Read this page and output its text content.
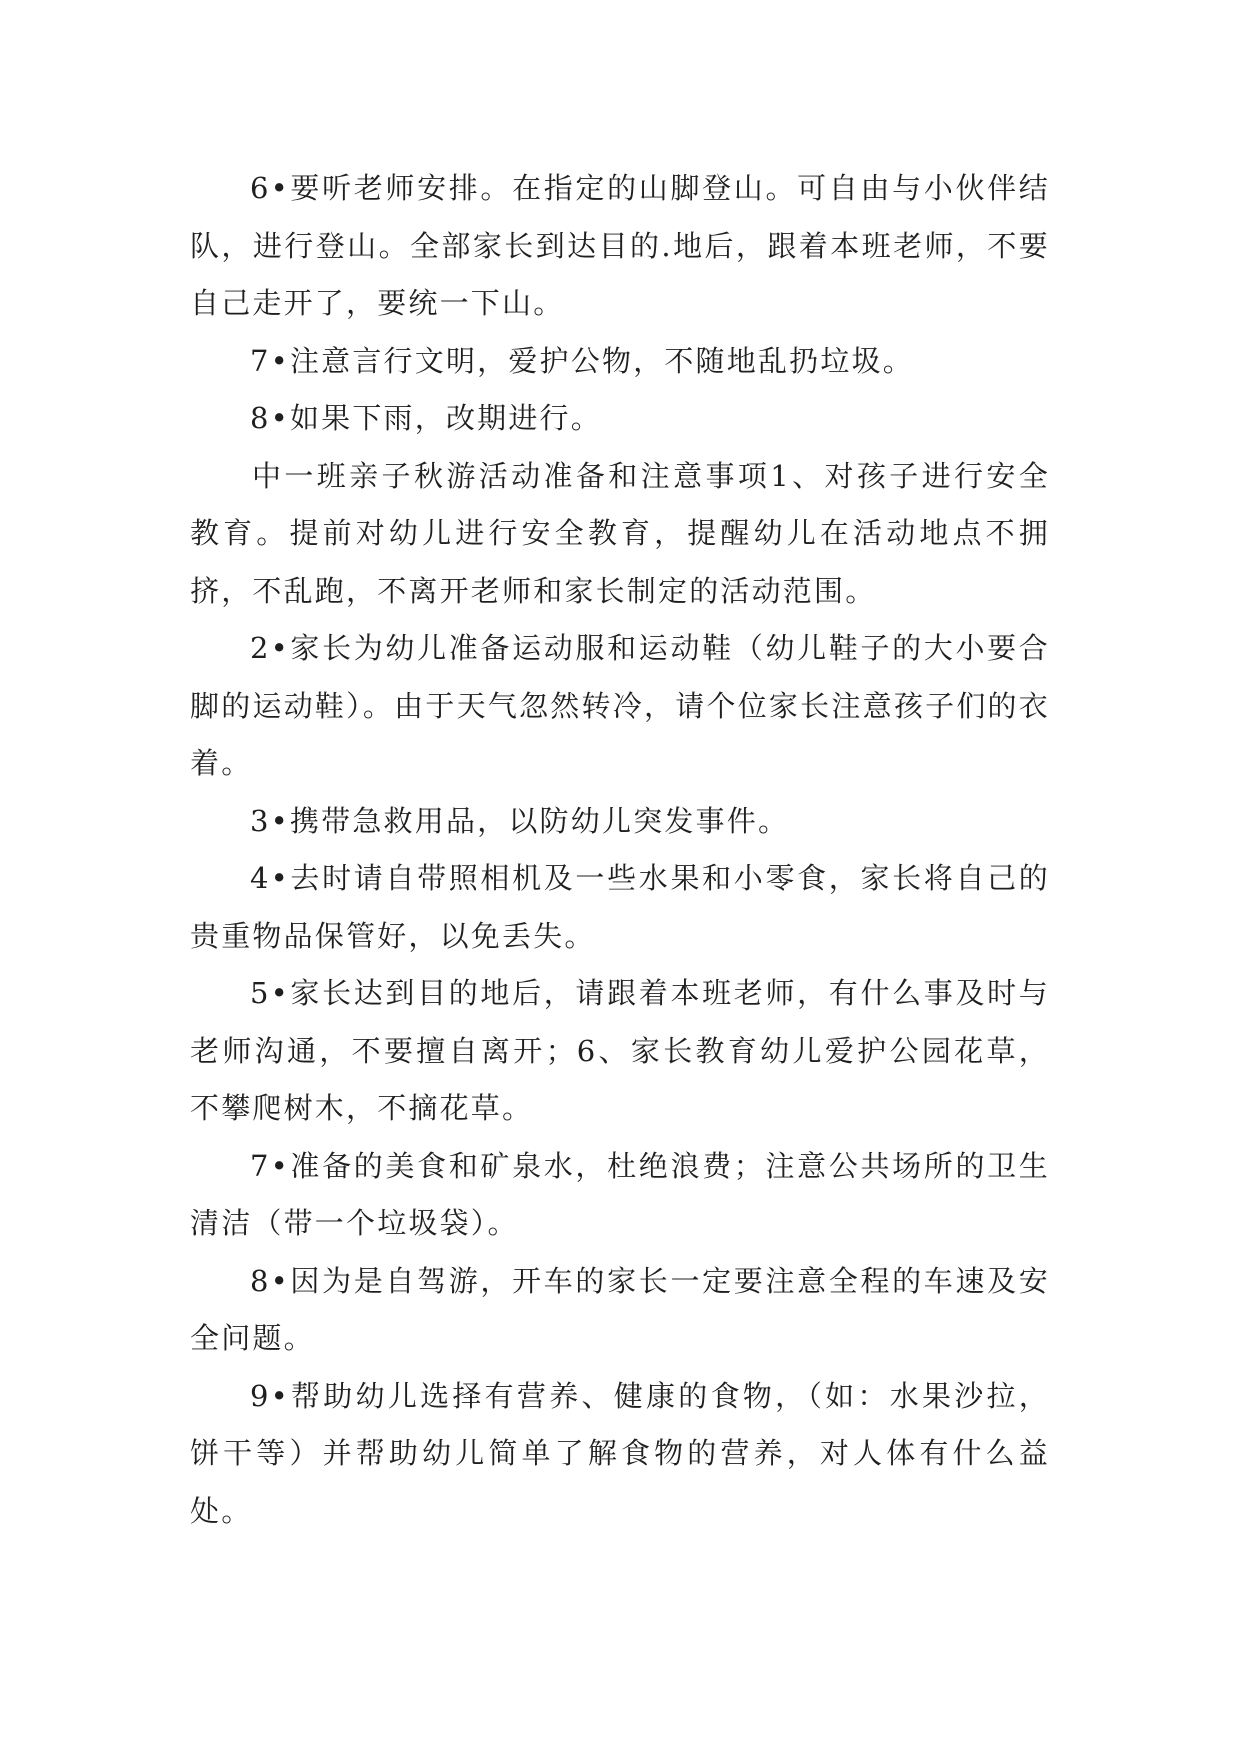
6•要听老师安排。在指定的山脚登山。可自由与小伙伴结队，进行登山。全部家长到达目的.地后，跟着本班老师，不要自己走开了，要统一下山。

7•注意言行文明，爱护公物，不随地乱扔垃圾。

8•如果下雨，改期进行。

中一班亲子秋游活动准备和注意事项1、对孩子进行安全教育。提前对幼儿进行安全教育，提醒幼儿在活动地点不拥挤，不乱跑，不离开老师和家长制定的活动范围。

2•家长为幼儿准备运动服和运动鞋（幼儿鞋子的大小要合脚的运动鞋）。由于天气忽然转冷，请个位家长注意孩子们的衣着。

3•携带急救用品，以防幼儿突发事件。

4•去时请自带照相机及一些水果和小零食，家长将自己的贵重物品保管好，以免丢失。

5•家长达到目的地后，请跟着本班老师，有什么事及时与老师沟通，不要擅自离开；6、家长教育幼儿爱护公园花草，不攀爬树木，不摘花草。

7•准备的美食和矿泉水，杜绝浪费；注意公共场所的卫生清洁（带一个垃圾袋）。

8•因为是自驾游，开车的家长一定要注意全程的车速及安全问题。

9•帮助幼儿选择有营养、健康的食物，（如：水果沙拉，饼干等）并帮助幼儿简单了解食物的营养，对人体有什么益处。
